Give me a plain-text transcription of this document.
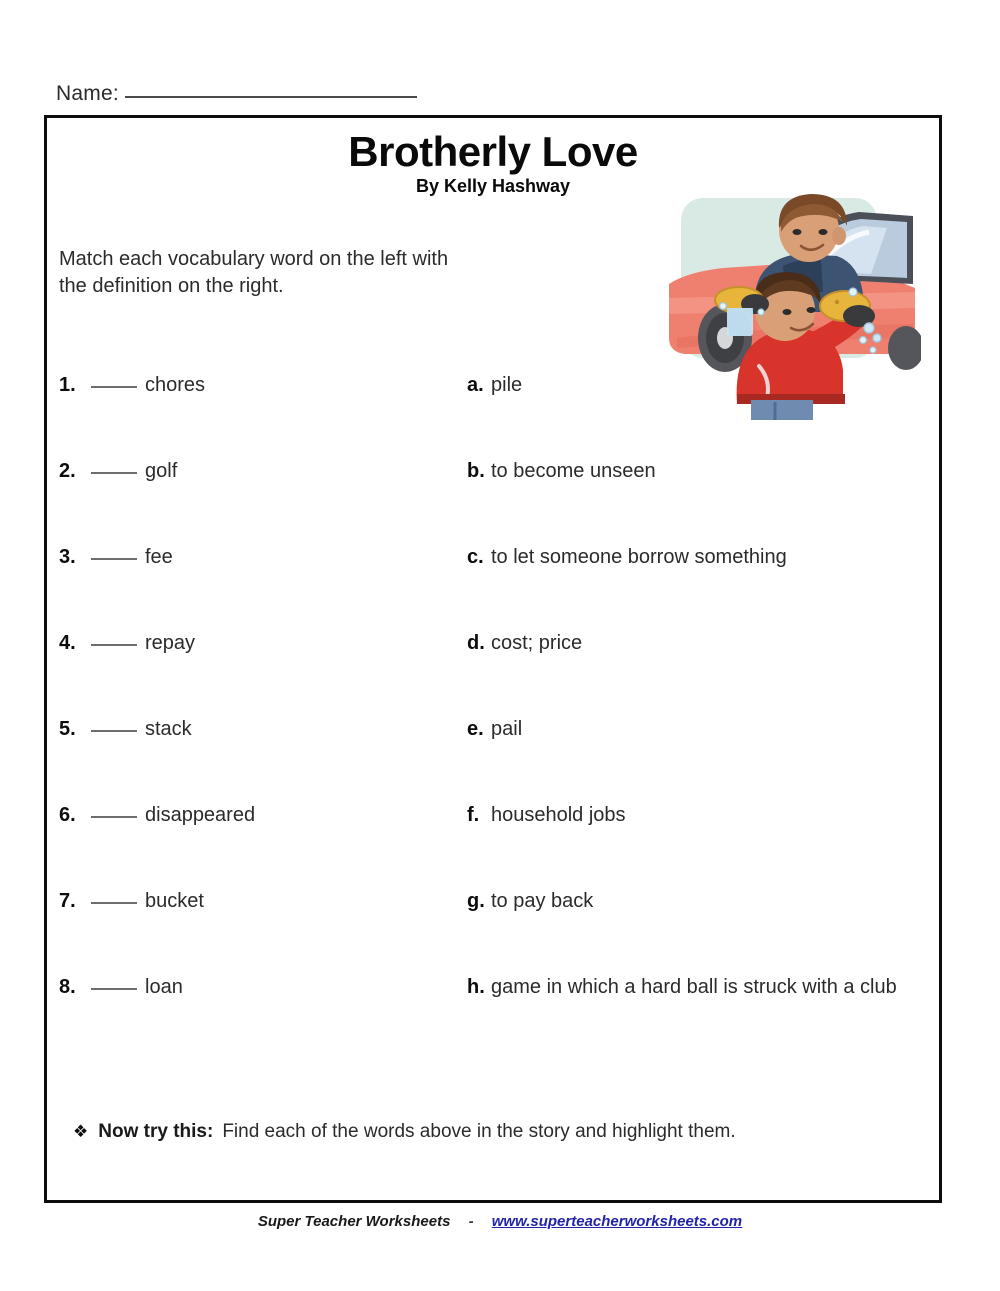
Name:
Brotherly Love
By Kelly Hashway
Match each vocabulary word on the left with the definition on the right.
1.	chores	a. pile
2.	golf	b. to become unseen
3.	fee	c. to let someone borrow something
4.	repay	d. cost; price
5.	stack	e. pail
6.	disappeared	f. household jobs
7.	bucket	g. to pay back
8.	loan	h. game in which a hard ball is struck with a club
❖ Now try this: Find each of the words above in the story and highlight them.
Super Teacher Worksheets - www.superteacherworksheets.com
